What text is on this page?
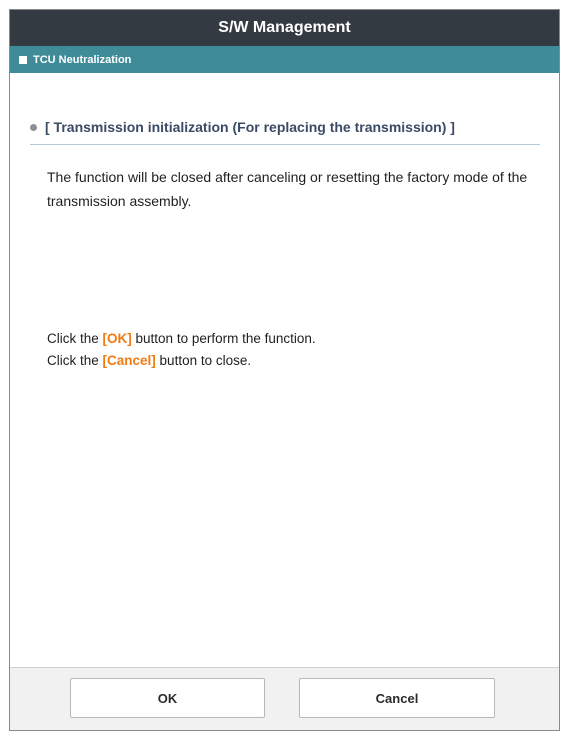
S/W Management
TCU Neutralization
[ Transmission initialization (For replacing the transmission) ]
The function will be closed after canceling or resetting the factory mode of the transmission assembly.
Click the [OK] button to perform the function.
Click the [Cancel] button to close.
OK	Cancel
